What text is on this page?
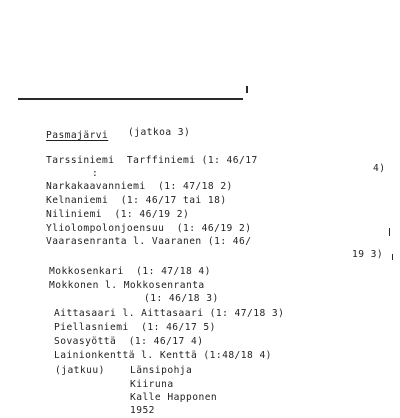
Pasmajärvi (jatkoa 3)
Tarssiniemi  Tarffiniemi (1: 46/17
4)
:
Narkakaavanniemi  (1: 47/18 2)
Kelnaniemi  (1: 46/17 tai 18)
Niliniemi  (1: 46/19 2)
Yliolompolonjoensuu  (1: 46/19 2)
Vaarasenranta l. Vaaranen (1: 46/
19 3)
Mokkosenkari  (1: 47/18 4)
Mokkonen l. Mokkosenranta
(1: 46/18 3)
Aittasaari l. Aittasaari (1: 47/18 3)
Piellasniemi  (1: 46/17 5)
Sovasyöttä  (1: 46/17 4)
Lainionkenttä l. Kenttä (1:48/18 4)
(jatkuu)	Länsipohja
Kiiruna
Kalle Happonen
1952
